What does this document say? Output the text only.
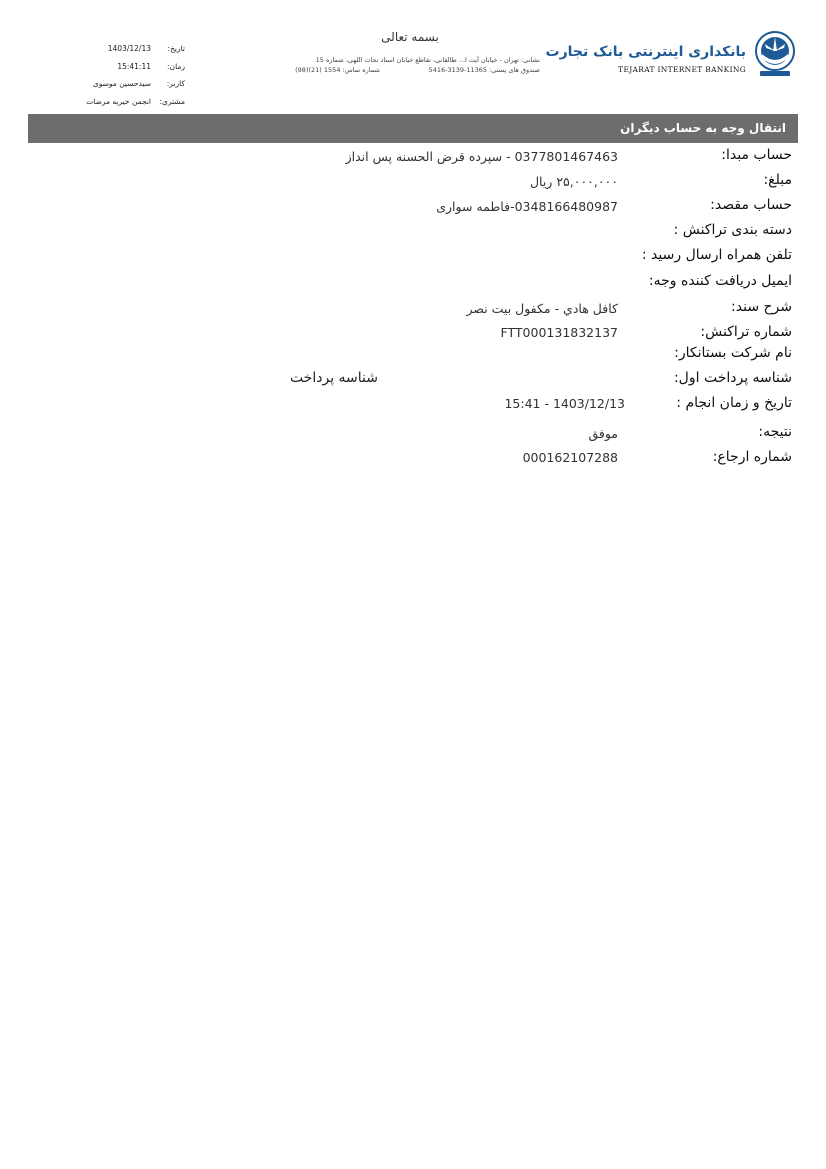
بسمه تعالی
نشانی: تهران - خیابان آیت ا... طالقانی، تقاطع خیابان استاد نجات اللهی، شماره 15
صندوق های پستی: 11365-3139-5416
شماره تماس: 1554 (21)(98)
بانکداری اینترنتی بانک تجارت
TEJARAT INTERNET BANKING
تاریخ:
1403/12/13
زمان:
15:41:11
کاربر:
سیدحسین موسوی
مشتری:
انجمن خیریه مرضات
انتقال وجه به حساب دیگران
حساب مبدا:
0377801467463 - سپرده قرض الحسنه پس انداز
مبلغ:
۲۵,۰۰۰,۰۰۰ ریال
حساب مقصد:
0348166480987-فاطمه سواری
دسته بندی تراکنش :
تلفن همراه ارسال رسید :
ایمیل دریافت کننده وجه:
شرح سند:
كافل هادي - مكفول بيت نصر
شماره تراکنش:
FTT000131832137
نام شرکت بستانکار:
شناسه پرداخت اول:
شناسه پرداخت
تاریخ و زمان انجام :
1403/12/13 - 15:41
نتیجه:
موفق
شماره ارجاع:
000162107288
